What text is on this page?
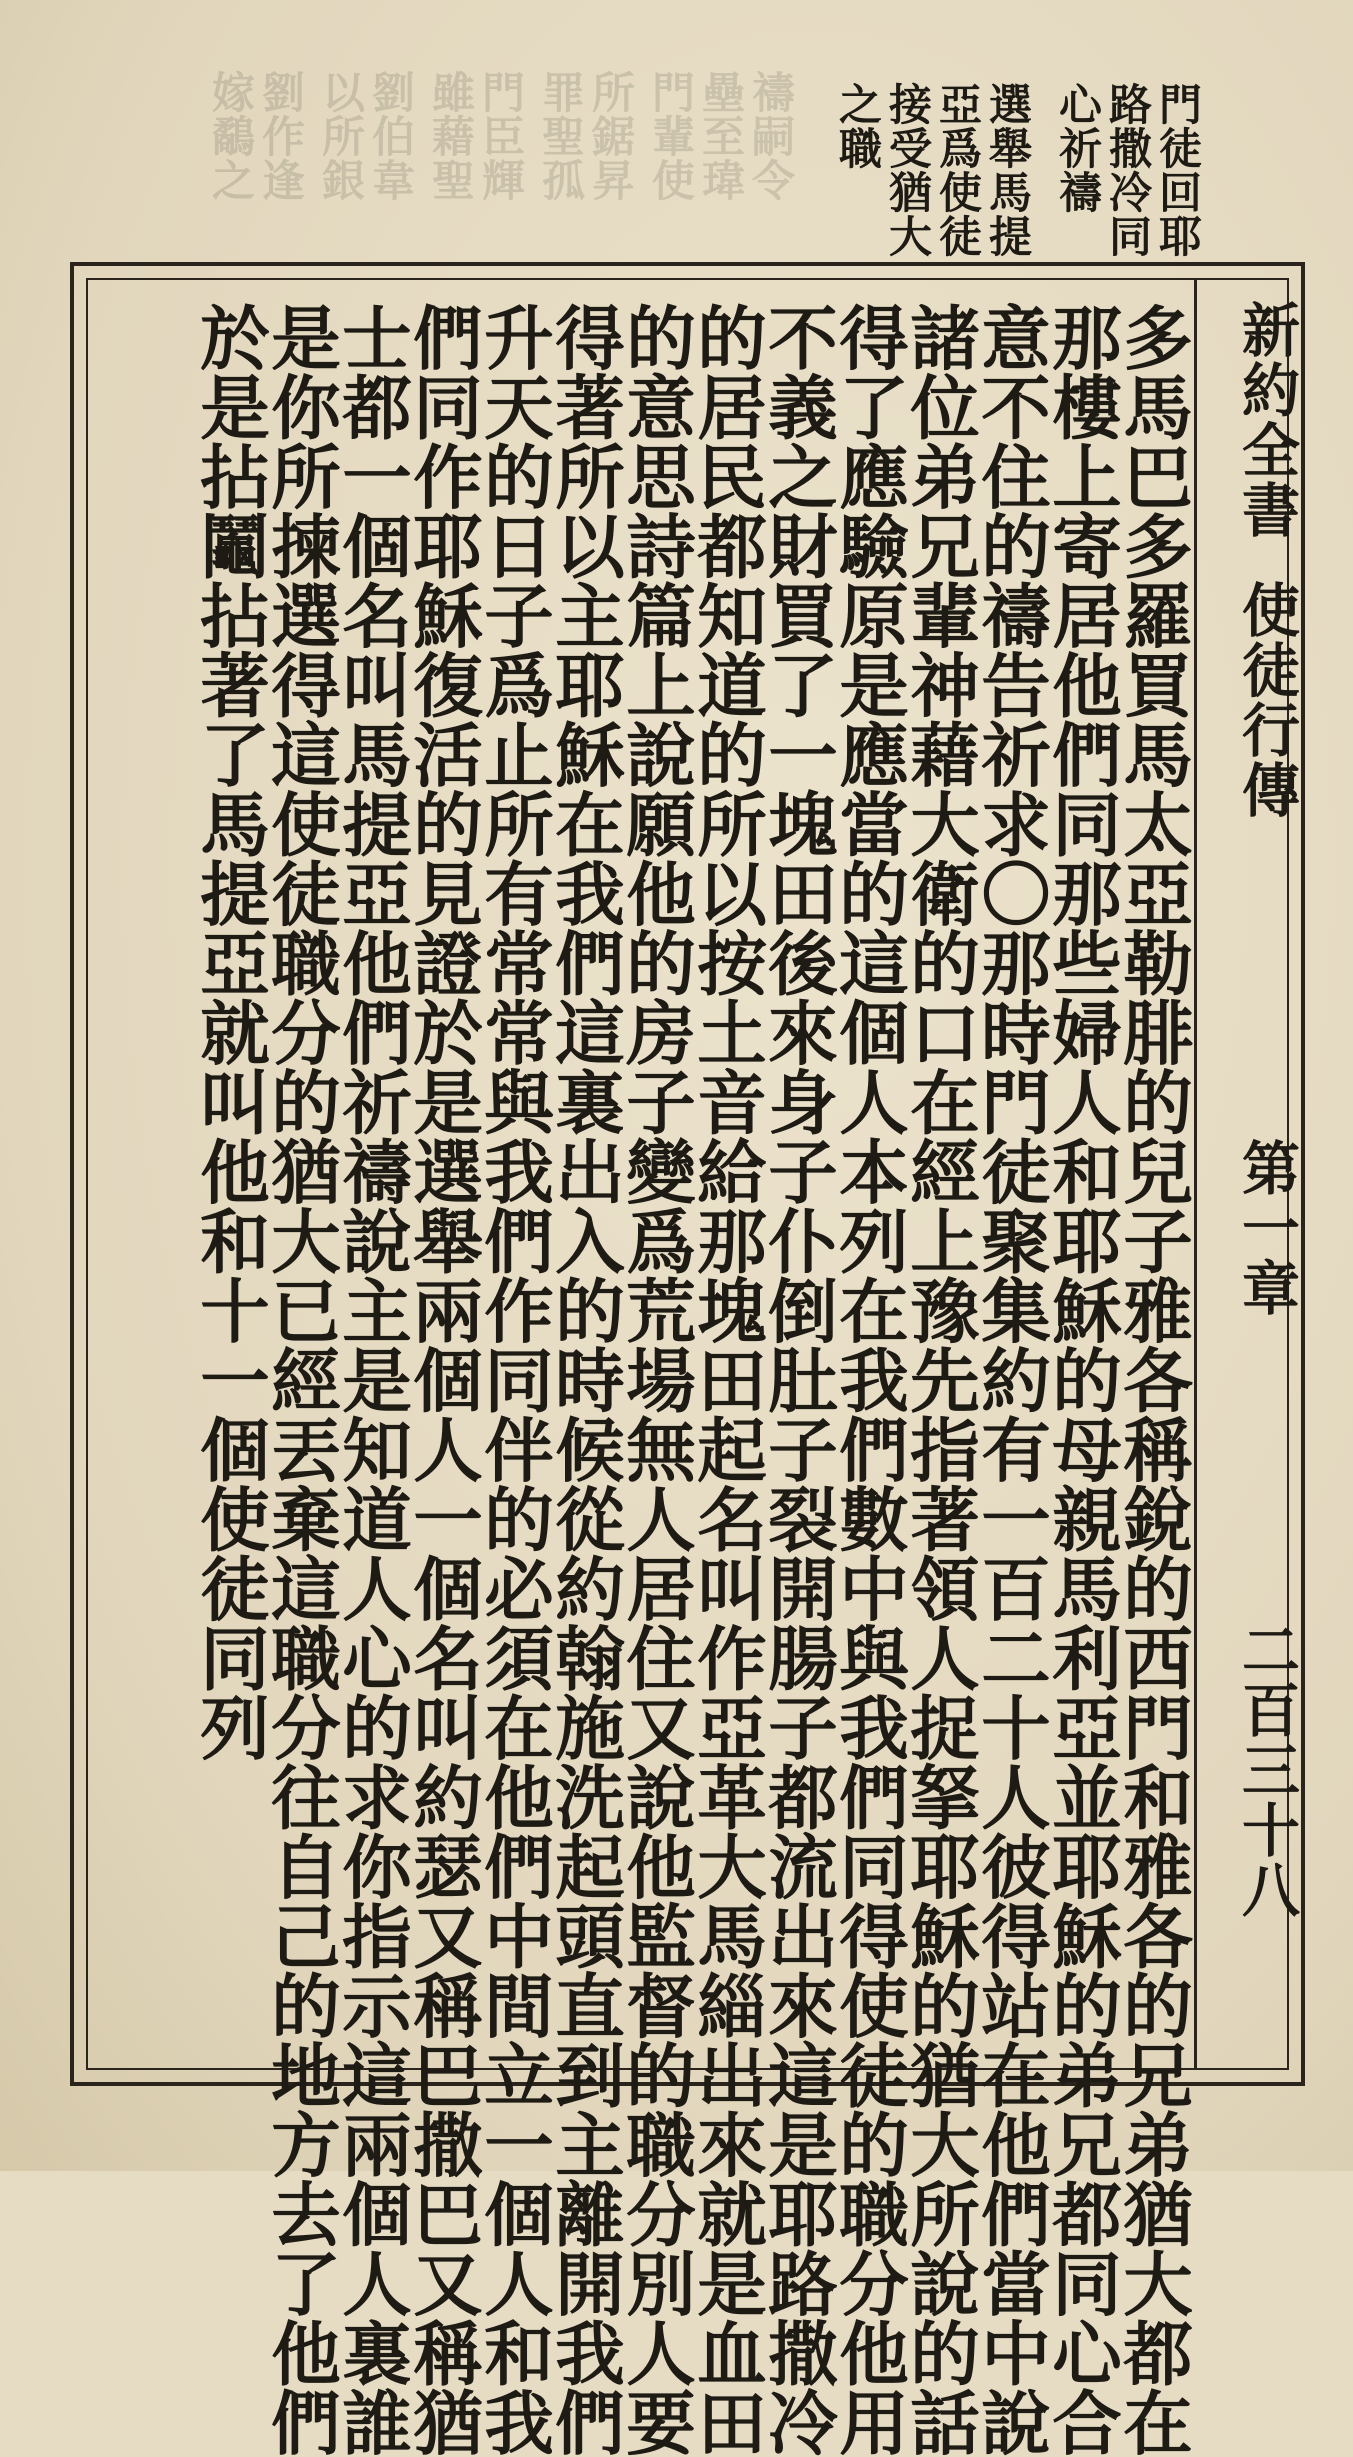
禱嗣令
壘至瑋
門輩使
所鋸昇
罪聖孤
門臣輝
雖藉聖
劉伯韋
以所銀
劉作逢
嫁鷸之	門徒回耶
路撒冷同
心祈禱
選舉馬提
亞爲使徒
接受猶大
之職
新約全書
使徒行傳
第一章
二百三十八
多馬巴多羅買馬太亞勒腓的兒子雅各稱銳的西門和雅各的兄弟猶大都在
那樓上寄居他們同那些婦人和耶穌的母親馬利亞並耶穌的弟兄都同心合
意不住的禱告祈求〇那時門徒聚集約有一百二十人彼得站在他們當中說
諸位弟兄輩神藉大衛的口在經上豫先指著領人捉拏耶穌的猶大所說的話
得了應驗原是應當的這個人本列在我們數中與我們同得使徒的職分他用
不義之財買了一塊田後來身子仆倒肚子裂開腸子都流出來這是耶路撒冷
的居民都知道的所以按土音給那塊田起名叫作亞革大馬緇出來就是血田
的意思詩篇上說願他的房子變爲荒場無人居住又說他監督的職分別人要
得著所以主耶穌在我們這裏出入的時候從約翰施洗起頭直到主離開我們
升天的日子爲止所有常常與我們作同伴的必須在他們中間立一個人和我
們同作耶穌復活的見證於是選舉兩個人一個名叫約瑟又稱巴撒巴又稱猶
士都一個名叫馬提亞他們祈禱說主是知道人心的求你指示這兩個人裏誰
是你所揀選得這使徒職分的猶大已經丟棄這職分往自己的地方去了他們
於是拈鬮拈著了馬提亞就叫他和十一個使徒同列
